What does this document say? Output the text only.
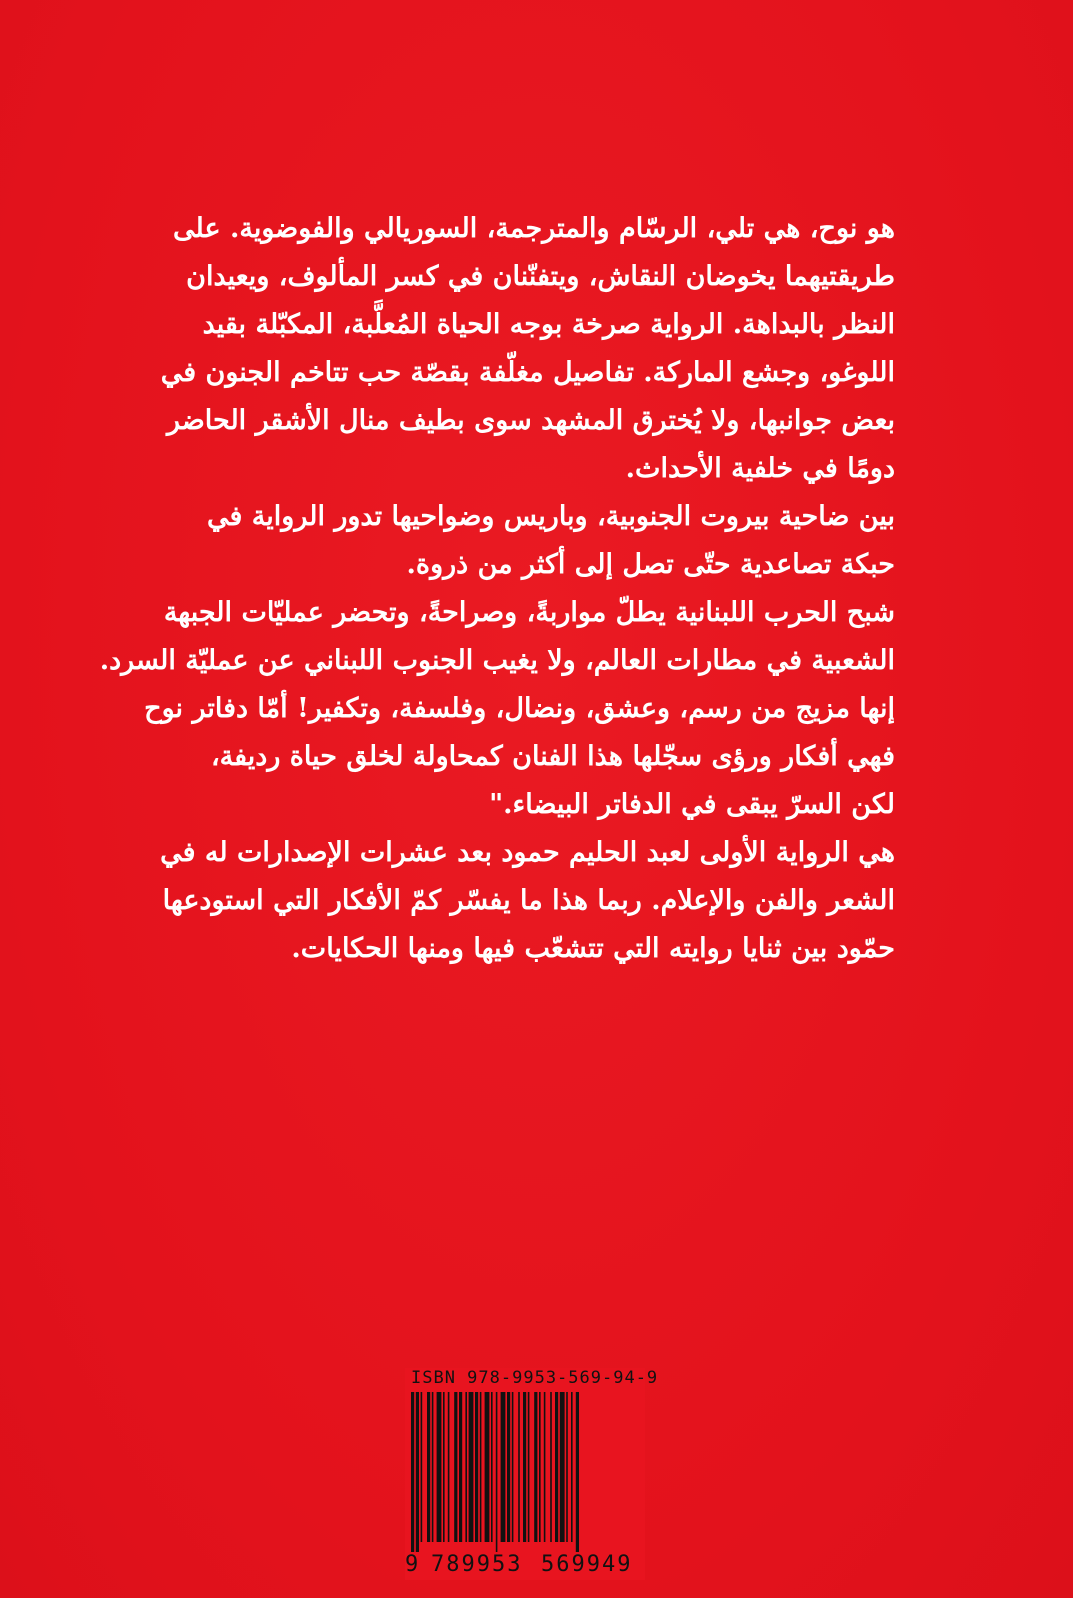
هو نوح، هي تلي، الرسّام والمترجمة، السوريالي والفوضوية. على
طريقتيهما يخوضان النقاش، ويتفنّنان في كسر المألوف، ويعيدان
النظر بالبداهة. الرواية صرخة بوجه الحياة المُعلَّبة، المكبّلة بقيد
اللوغو، وجشع الماركة. تفاصيل مغلّفة بقصّة حب تتاخم الجنون في
بعض جوانبها، ولا يُخترق المشهد سوى بطيف منال الأشقر الحاضر
دومًا في خلفية الأحداث.
بين ضاحية بيروت الجنوبية، وباريس وضواحيها تدور الرواية في
حبكة تصاعدية حتّى تصل إلى أكثر من ذروة.
شبح الحرب اللبنانية يطلّ مواربةً، وصراحةً، وتحضر عمليّات الجبهة
الشعبية في مطارات العالم، ولا يغيب الجنوب اللبناني عن عمليّة السرد.
إنها مزيج من رسم، وعشق، ونضال، وفلسفة، وتكفير! أمّا دفاتر نوح
فهي أفكار ورؤى سجّلها هذا الفنان كمحاولة لخلق حياة رديفة،
لكن السرّ يبقى في الدفاتر البيضاء."
هي الرواية الأولى لعبد الحليم حمود بعد عشرات الإصدارات له في
الشعر والفن والإعلام. ربما هذا ما يفسّر كمّ الأفكار التي استودعها
حمّود بين ثنايا روايته التي تتشعّب فيها ومنها الحكايات.
ISBN 978-9953-569-94-9
9 789953 569949
